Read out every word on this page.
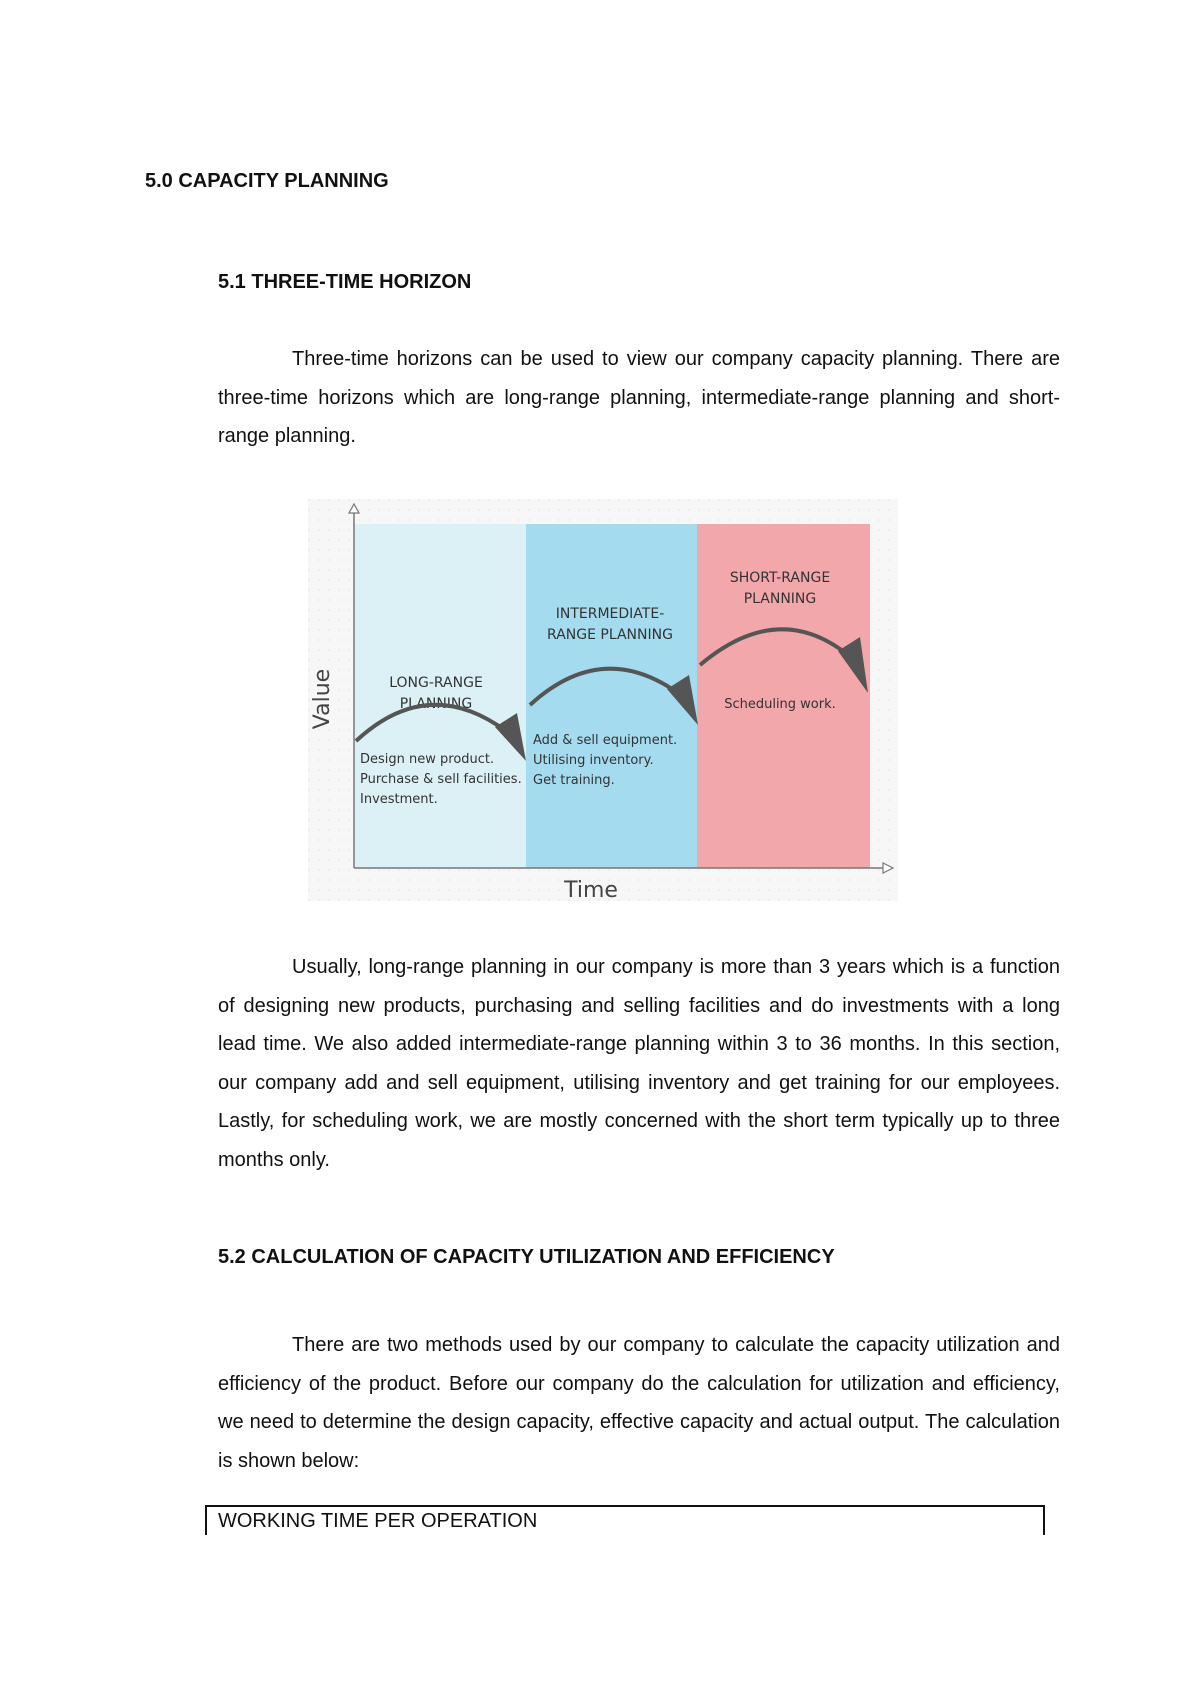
5.0 CAPACITY PLANNING
5.1 THREE-TIME HORIZON

Three-time horizons can be used to view our company capacity planning. There are three-time horizons which are long-range planning, intermediate-range planning and short-range planning.

Value
Time
LONG-RANGE
PLANNING
Design new product.
Purchase & sell facilities.
Investment.
INTERMEDIATE-
RANGE PLANNING
Add & sell equipment.
Utilising inventory.
Get training.
SHORT-RANGE
PLANNING
Scheduling work.

Usually, long-range planning in our company is more than 3 years which is a function of designing new products, purchasing and selling facilities and do investments with a long lead time. We also added intermediate-range planning within 3 to 36 months. In this section, our company add and sell equipment, utilising inventory and get training for our employees. Lastly, for scheduling work, we are mostly concerned with the short term typically up to three months only.

5.2 CALCULATION OF CAPACITY UTILIZATION AND EFFICIENCY

There are two methods used by our company to calculate the capacity utilization and efficiency of the product. Before our company do the calculation for utilization and efficiency, we need to determine the design capacity, effective capacity and actual output. The calculation is shown below:

WORKING TIME PER OPERATION
